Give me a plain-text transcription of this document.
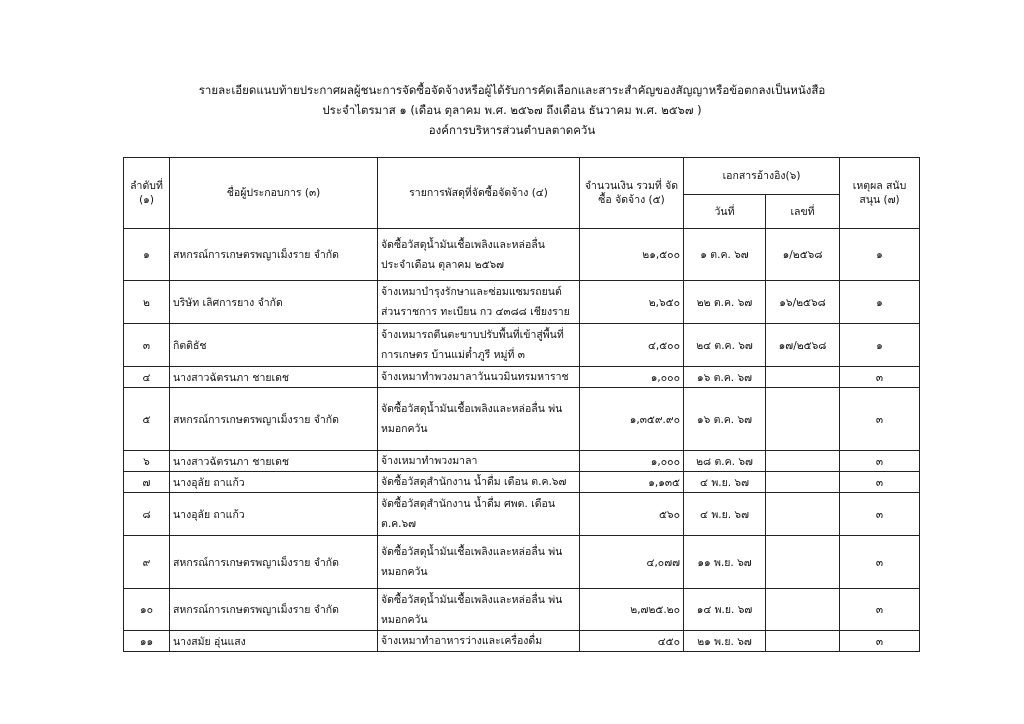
รายละเอียดแนบท้ายประกาศผลผู้ชนะการจัดซื้อจัดจ้างหรือผู้ได้รับการคัดเลือกและสาระสำคัญของสัญญาหรือข้อตกลงเป็นหนังสือ
ประจำไตรมาส ๑ (เดือน ตุลาคม พ.ศ. ๒๕๖๗ ถึงเดือน ธันวาคม พ.ศ. ๒๕๖๗ )
องค์การบริหารส่วนตำบลตาดควัน
ลำดับที่ (๑)	ชื่อผู้ประกอบการ (๓)	รายการพัสดุที่จัดซื้อจัดจ้าง (๔)	จำนวนเงิน รวมที่ จัดซื้อ จัดจ้าง (๕)	เอกสารอ้างอิง(๖)		เหตุผล สนับ สนุน (๗)
				วันที่	เลขที่	
๑	สหกรณ์การเกษตรพญาเม็งราย จำกัด	จัดซื้อวัสดุน้ำมันเชื้อเพลิงและหล่อลื่น
ประจำเดือน ตุลาคม ๒๕๖๗	๒๑,๕๐๐	๑ ต.ค. ๖๗	๑/๒๕๖๘	๑
๒	บริษัท เลิศการยาง จำกัด	จ้างเหมาบำรุงรักษาและซ่อมแซมรถยนต์
ส่วนราชการ ทะเบียน กว ๔๓๘๘ เชียงราย	๒,๖๕๐	๒๒ ต.ค. ๖๗	๑๖/๒๕๖๘	๑
๓	กิตติธัช	จ้างเหมารถตีนตะขาบปรับพื้นที่เข้าสู่พื้นที่
การเกษตร บ้านแม่ต๋ำภูรี หมู่ที่ ๓	๔,๕๐๐	๒๔ ต.ค. ๖๗	๑๗/๒๕๖๘	๑
๔	นางสาวฉัตรนภา ชายเดช	จ้างเหมาทำพวงมาลาวันนวมินทรมหาราช	๑,๐๐๐	๑๖ ต.ค. ๖๗		๓
๕	สหกรณ์การเกษตรพญาเม็งราย จำกัด	จัดซื้อวัสดุน้ำมันเชื้อเพลิงและหล่อลื่น พ่น
หมอกควัน	๑,๓๕๙.๙๐	๑๖ ต.ค. ๖๗		๓
๖	นางสาวฉัตรนภา ชายเดช	จ้างเหมาทำพวงมาลา	๑,๐๐๐	๒๘ ต.ค. ๖๗		๓
๗	นางอุลัย ถาแก้ว	จัดซื้อวัสดุสำนักงาน น้ำดื่ม เดือน ต.ค.๖๗	๑,๑๓๕	๔ พ.ย. ๖๗		๓
๘	นางอุลัย ถาแก้ว	จัดซื้อวัสดุสำนักงาน น้ำดื่ม ศพด. เดือน
ต.ค.๖๗	๕๖๐	๔ พ.ย. ๖๗		๓
๙	สหกรณ์การเกษตรพญาเม็งราย จำกัด	จัดซื้อวัสดุน้ำมันเชื้อเพลิงและหล่อลื่น พ่น
หมอกควัน	๔,๐๗๗	๑๑ พ.ย. ๖๗		๓
๑๐	สหกรณ์การเกษตรพญาเม็งราย จำกัด	จัดซื้อวัสดุน้ำมันเชื้อเพลิงและหล่อลื่น พ่น
หมอกควัน	๒,๗๒๕.๒๐	๑๔ พ.ย. ๖๗		๓
๑๑	นางสมัย อุ่นแสง	จ้างเหมาทำอาหารว่างและเครื่องดื่ม	๔๕๐	๒๑ พ.ย. ๖๗		๓
